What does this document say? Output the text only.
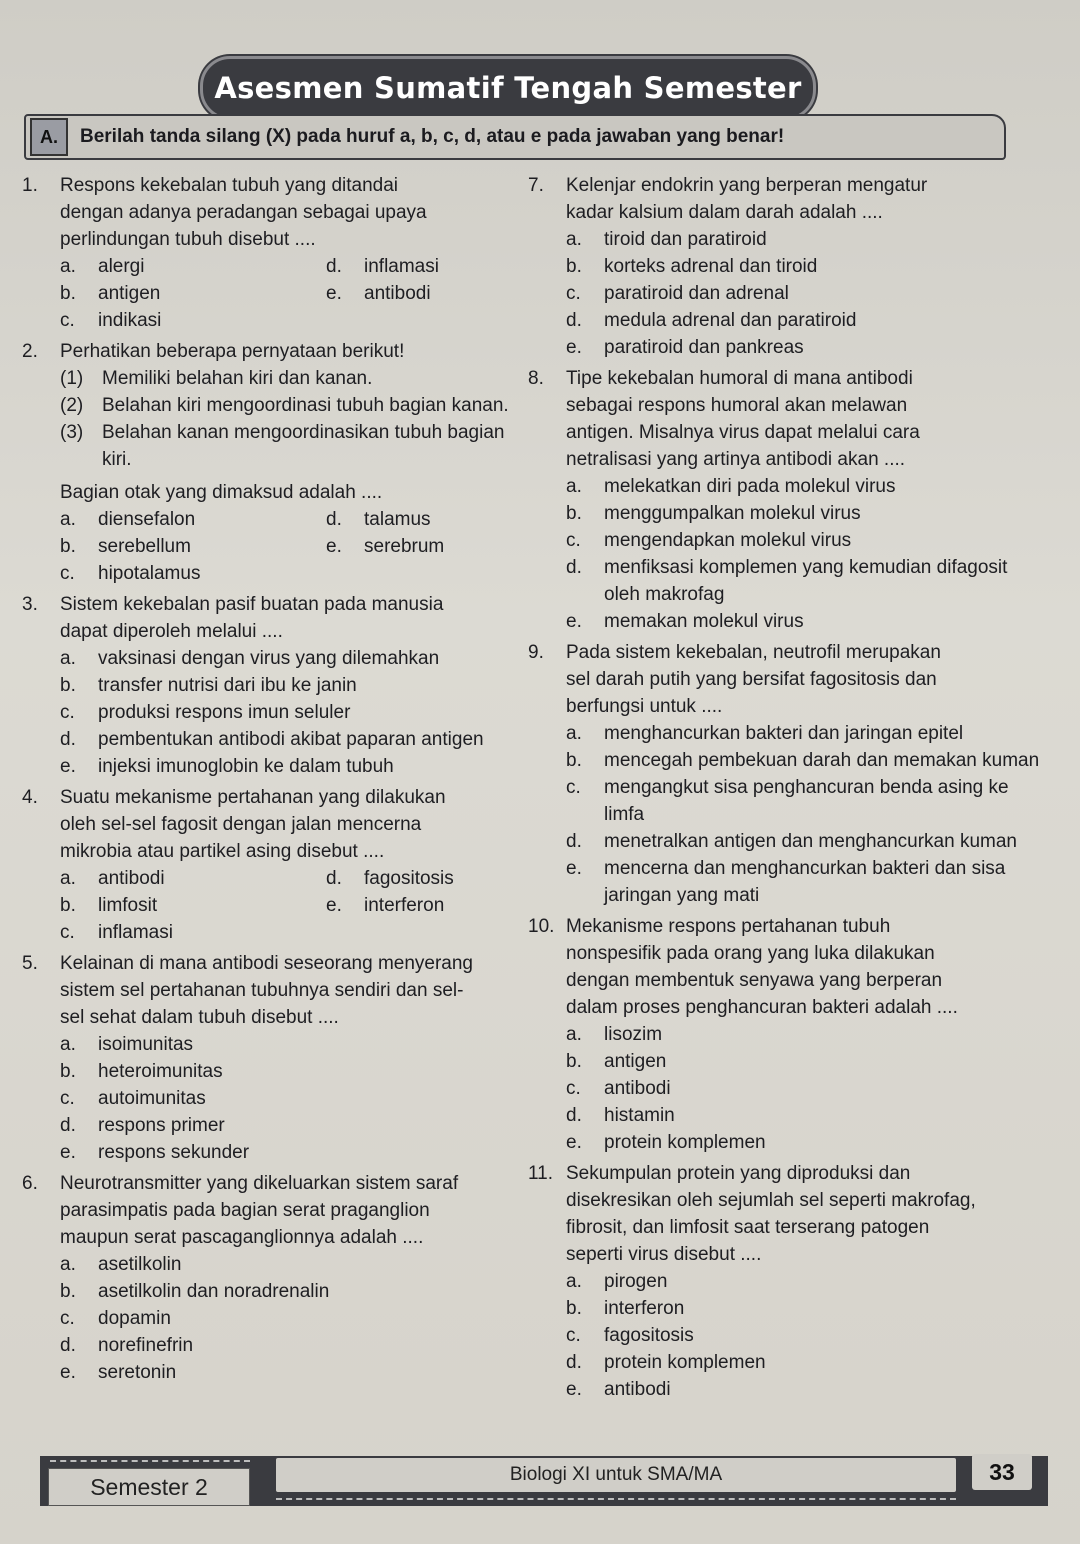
Asesmen Sumatif Tengah Semester
A.	Berilah tanda silang (X) pada huruf a, b, c, d, atau e pada jawaban yang benar!
1.	Respons kekebalan tubuh yang ditandai
dengan adanya peradangan sebagai upaya
perlindungan tubuh disebut ....
a.	alergi	d.	inflamasi
b.	antigen	e.	antibodi
c.	indikasi
2.	Perhatikan beberapa pernyataan berikut!
(1) Memiliki belahan kiri dan kanan.
(2) Belahan kiri mengoordinasi tubuh bagian kanan.
(3) Belahan kanan mengoordinasikan tubuh bagian kiri.
Bagian otak yang dimaksud adalah ....
a.	diensefalon	d.	talamus
b.	serebellum	e.	serebrum
c.	hipotalamus
3.	Sistem kekebalan pasif buatan pada manusia
dapat diperoleh melalui ....
a.	vaksinasi dengan virus yang dilemahkan
b.	transfer nutrisi dari ibu ke janin
c.	produksi respons imun seluler
d.	pembentukan antibodi akibat paparan antigen
e.	injeksi imunoglobin ke dalam tubuh
4.	Suatu mekanisme pertahanan yang dilakukan
oleh sel-sel fagosit dengan jalan mencerna
mikrobia atau partikel asing disebut ....
a.	antibodi	d.	fagositosis
b.	limfosit	e.	interferon
c.	inflamasi
5.	Kelainan di mana antibodi seseorang menyerang
sistem sel pertahanan tubuhnya sendiri dan sel-
sel sehat dalam tubuh disebut ....
a.	isoimunitas
b.	heteroimunitas
c.	autoimunitas
d.	respons primer
e.	respons sekunder
6.	Neurotransmitter yang dikeluarkan sistem saraf
parasimpatis pada bagian serat praganglion
maupun serat pascaganglionnya adalah ....
a.	asetilkolin
b.	asetilkolin dan noradrenalin
c.	dopamin
d.	norefinefrin
e.	seretonin
7.	Kelenjar endokrin yang berperan mengatur
kadar kalsium dalam darah adalah ....
a.	tiroid dan paratiroid
b.	korteks adrenal dan tiroid
c.	paratiroid dan adrenal
d.	medula adrenal dan paratiroid
e.	paratiroid dan pankreas
8.	Tipe kekebalan humoral di mana antibodi
sebagai respons humoral akan melawan
antigen. Misalnya virus dapat melalui cara
netralisasi yang artinya antibodi akan ....
a.	melekatkan diri pada molekul virus
b.	menggumpalkan molekul virus
c.	mengendapkan molekul virus
d.	menfiksasi komplemen yang kemudian difagosit oleh makrofag
e.	memakan molekul virus
9.	Pada sistem kekebalan, neutrofil merupakan
sel darah putih yang bersifat fagositosis dan
berfungsi untuk ....
a.	menghancurkan bakteri dan jaringan epitel
b.	mencegah pembekuan darah dan memakan kuman
c.	mengangkut sisa penghancuran benda asing ke limfa
d.	menetralkan antigen dan menghancurkan kuman
e.	mencerna dan menghancurkan bakteri dan sisa jaringan yang mati
10. Mekanisme respons pertahanan tubuh
nonspesifik pada orang yang luka dilakukan
dengan membentuk senyawa yang berperan
dalam proses penghancuran bakteri adalah ....
a.	lisozim
b.	antigen
c.	antibodi
d.	histamin
e.	protein komplemen
11. Sekumpulan protein yang diproduksi dan
disekresikan oleh sejumlah sel seperti makrofag,
fibrosit, dan limfosit saat terserang patogen
seperti virus disebut ....
a.	pirogen
b.	interferon
c.	fagositosis
d.	protein komplemen
e.	antibodi
Semester 2	Biologi XI untuk SMA/MA	33
